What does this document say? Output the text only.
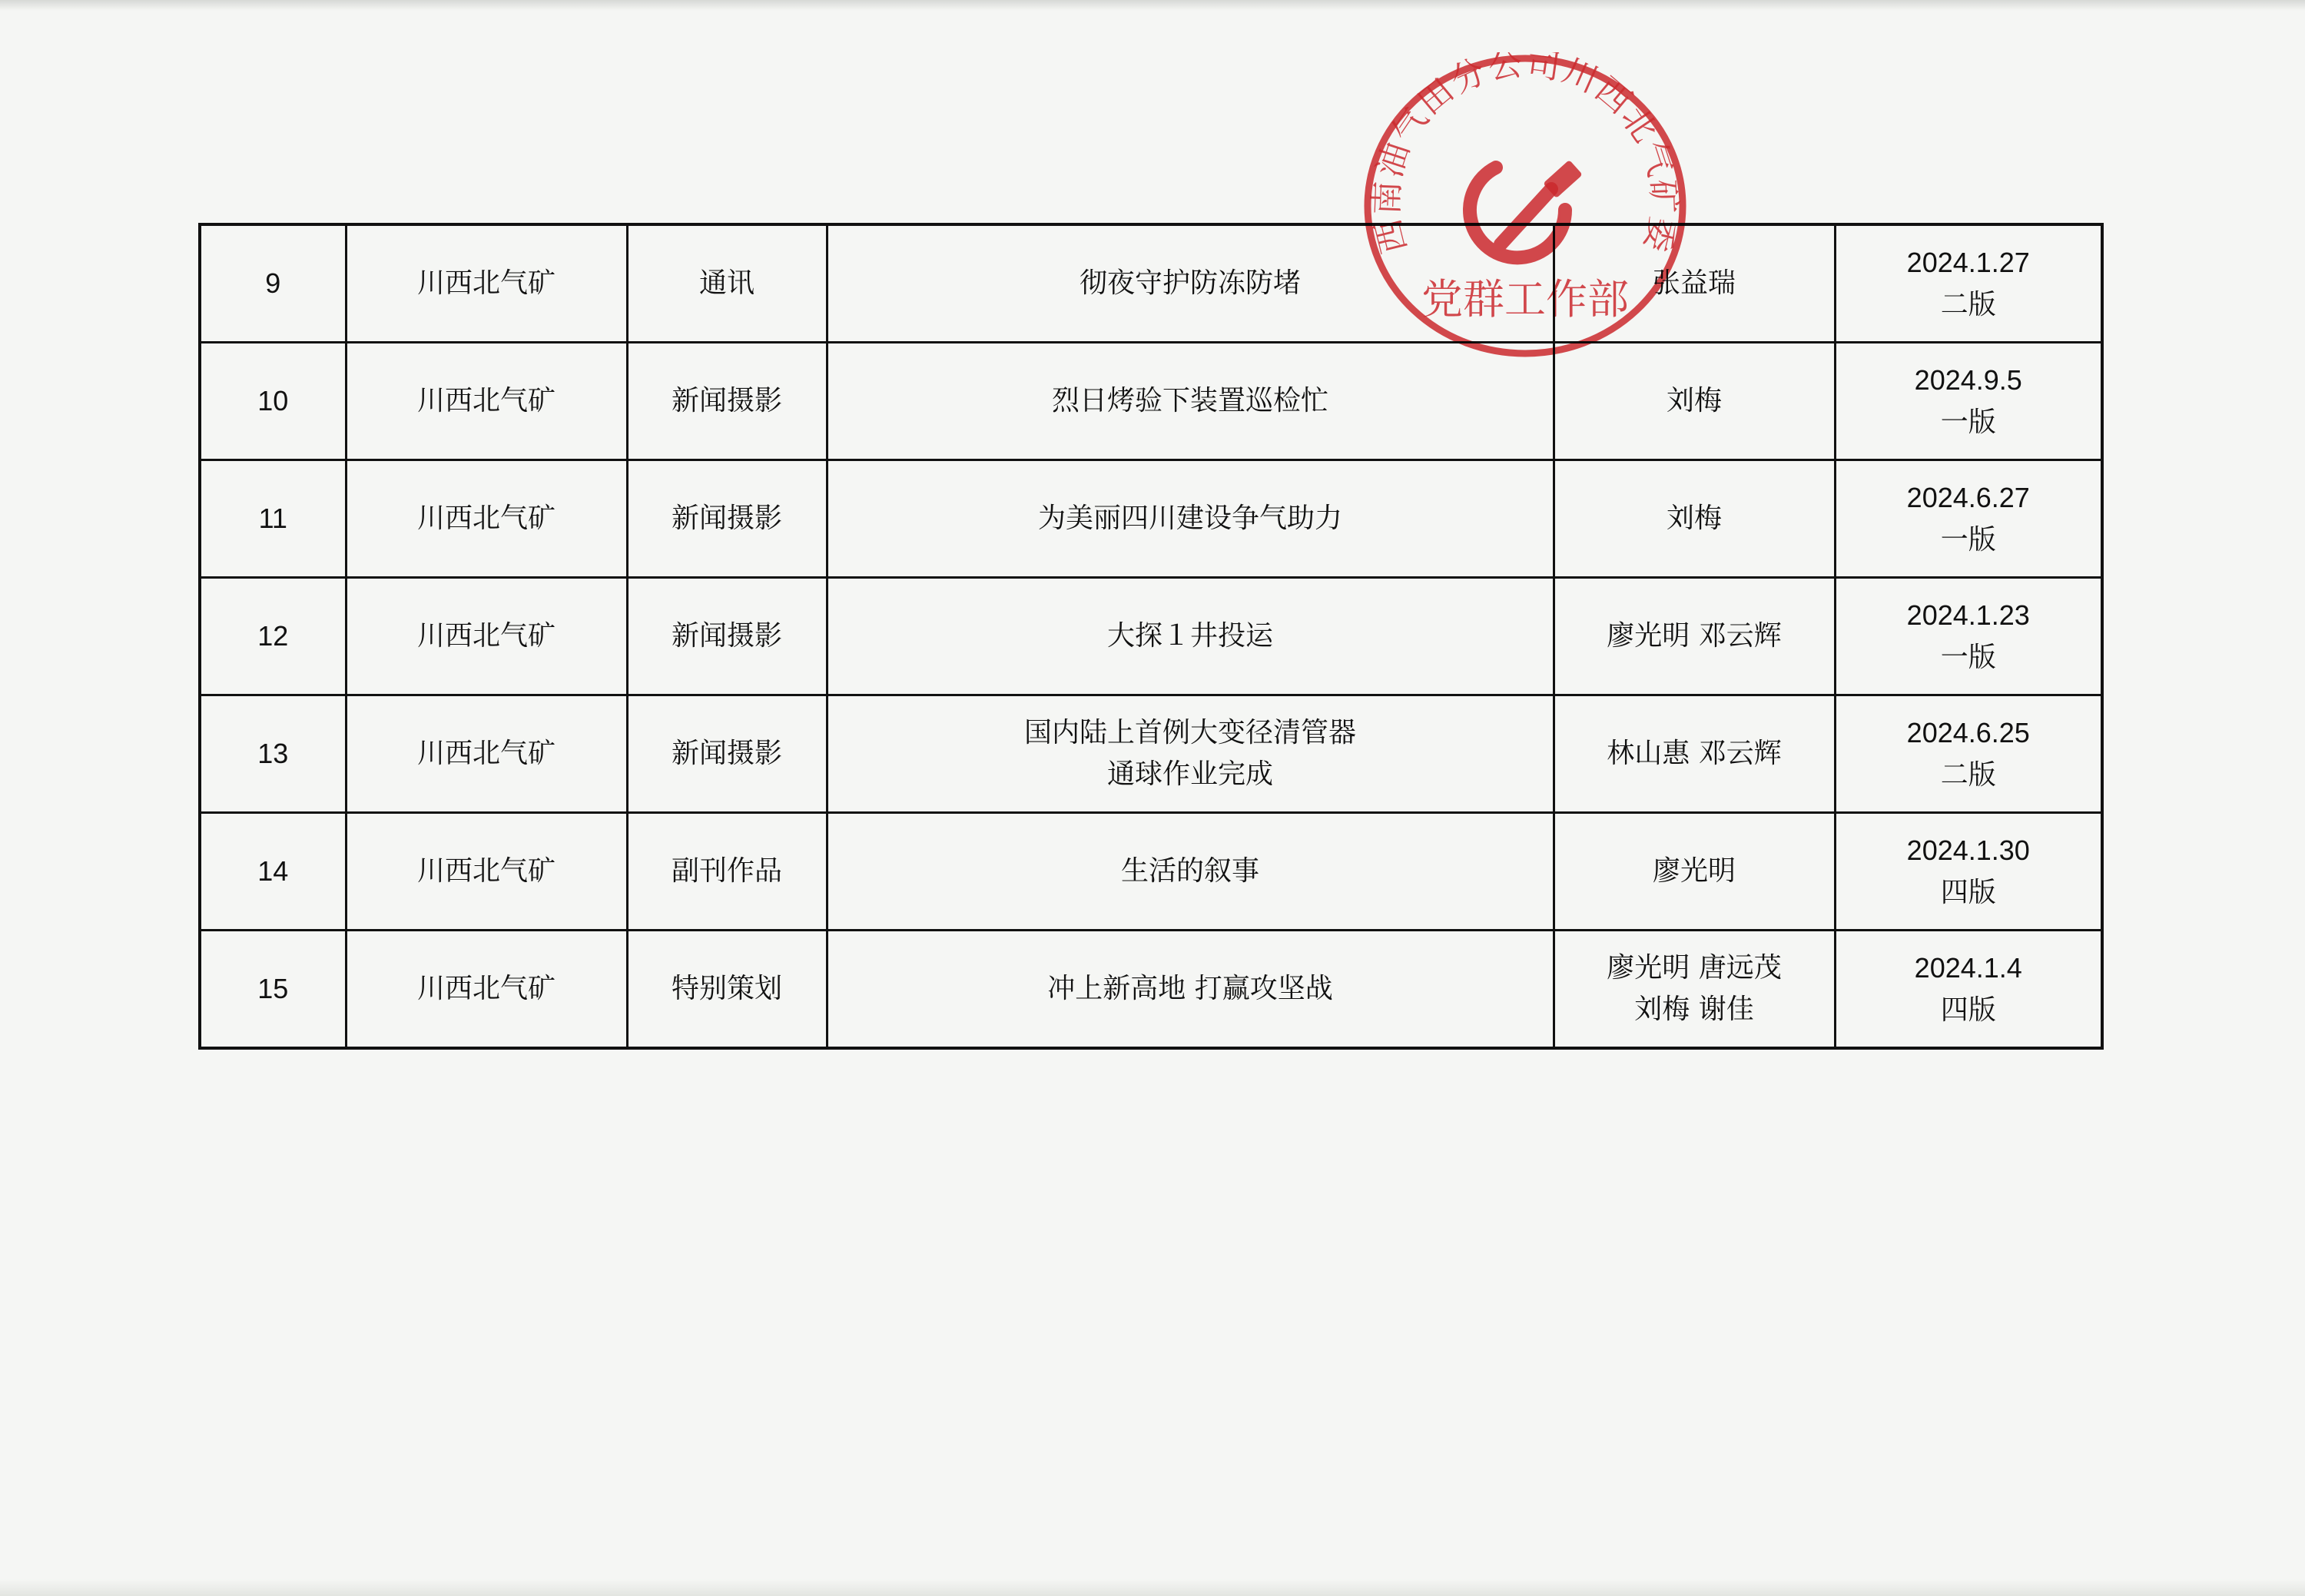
9	川西北气矿	通讯	彻夜守护防冻防堵	张益瑞	2024.1.27
二版

10	川西北气矿	新闻摄影	烈日烤验下装置巡检忙	刘梅	2024.9.5
一版

11	川西北气矿	新闻摄影	为美丽四川建设争气助力	刘梅	2024.6.27
一版

12	川西北气矿	新闻摄影	大探１井投运	廖光明 邓云辉	2024.1.23
一版

13	川西北气矿	新闻摄影	国内陆上首例大变径清管器
通球作业完成	林山惠 邓云辉	2024.6.25
二版

14	川西北气矿	副刊作品	生活的叙事	廖光明	2024.1.30
四版

15	川西北气矿	特别策划	冲上新高地 打赢攻坚战	廖光明 唐远茂
刘梅 谢佳	2024.1.4
四版
西南油气田分公司川西北气矿委
党群工作部
